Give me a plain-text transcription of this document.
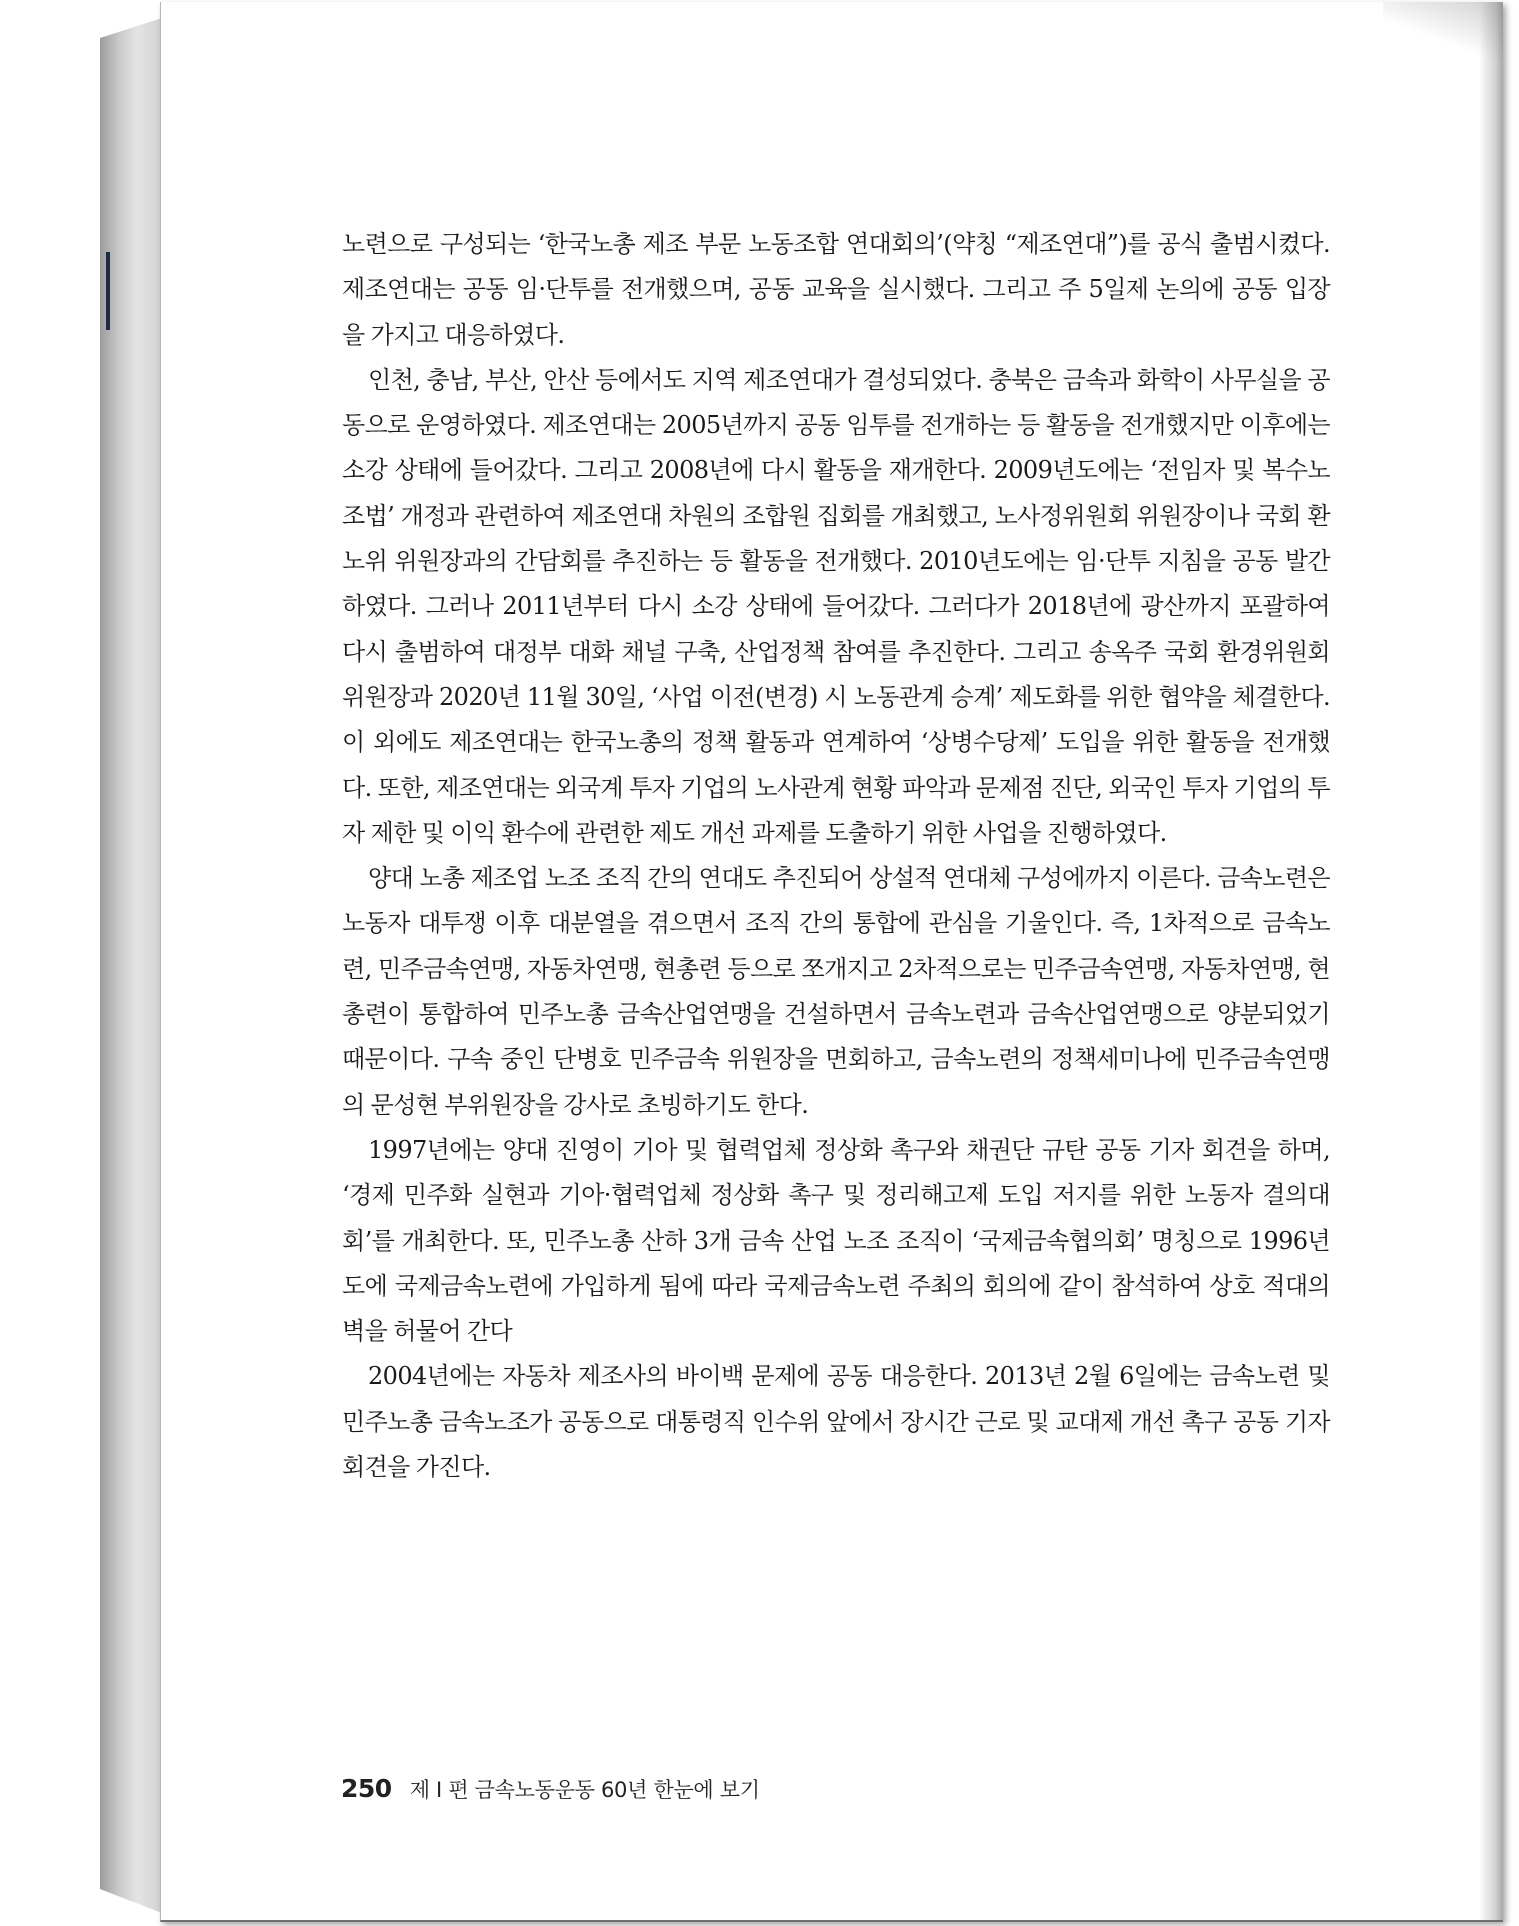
노련으로 구성되는 ‘한국노총 제조 부문 노동조합 연대회의’(약칭 “제조연대”)를 공식 출범시켰다. 제조연대는 공동 임·단투를 전개했으며, 공동 교육을 실시했다. 그리고 주 5일제 논의에 공동 입장을 가지고 대응하였다.

인천, 충남, 부산, 안산 등에서도 지역 제조연대가 결성되었다. 충북은 금속과 화학이 사무실을 공동으로 운영하였다. 제조연대는 2005년까지 공동 임투를 전개하는 등 활동을 전개했지만 이후에는 소강 상태에 들어갔다. 그리고 2008년에 다시 활동을 재개한다. 2009년도에는 ‘전임자 및 복수노조법’ 개정과 관련하여 제조연대 차원의 조합원 집회를 개최했고, 노사정위원회 위원장이나 국회 환노위 위원장과의 간담회를 추진하는 등 활동을 전개했다. 2010년도에는 임·단투 지침을 공동 발간하였다. 그러나 2011년부터 다시 소강 상태에 들어갔다. 그러다가 2018년에 광산까지 포괄하여 다시 출범하여 대정부 대화 채널 구축, 산업정책 참여를 추진한다. 그리고 송옥주 국회 환경위원회 위원장과 2020년 11월 30일, ‘사업 이전(변경) 시 노동관계 승계’ 제도화를 위한 협약을 체결한다. 이 외에도 제조연대는 한국노총의 정책 활동과 연계하여 ‘상병수당제’ 도입을 위한 활동을 전개했다. 또한, 제조연대는 외국계 투자 기업의 노사관계 현황 파악과 문제점 진단, 외국인 투자 기업의 투자 제한 및 이익 환수에 관련한 제도 개선 과제를 도출하기 위한 사업을 진행하였다.

양대 노총 제조업 노조 조직 간의 연대도 추진되어 상설적 연대체 구성에까지 이른다. 금속노련은 노동자 대투쟁 이후 대분열을 겪으면서 조직 간의 통합에 관심을 기울인다. 즉, 1차적으로 금속노련, 민주금속연맹, 자동차연맹, 현총련 등으로 쪼개지고 2차적으로는 민주금속연맹, 자동차연맹, 현총련이 통합하여 민주노총 금속산업연맹을 건설하면서 금속노련과 금속산업연맹으로 양분되었기 때문이다. 구속 중인 단병호 민주금속 위원장을 면회하고, 금속노련의 정책세미나에 민주금속연맹의 문성현 부위원장을 강사로 초빙하기도 한다.

1997년에는 양대 진영이 기아 및 협력업체 정상화 촉구와 채권단 규탄 공동 기자 회견을 하며, ‘경제 민주화 실현과 기아·협력업체 정상화 촉구 및 정리해고제 도입 저지를 위한 노동자 결의대회’를 개최한다. 또, 민주노총 산하 3개 금속 산업 노조 조직이 ‘국제금속협의회’ 명칭으로 1996년도에 국제금속노련에 가입하게 됨에 따라 국제금속노련 주최의 회의에 같이 참석하여 상호 적대의 벽을 허물어 간다

2004년에는 자동차 제조사의 바이백 문제에 공동 대응한다. 2013년 2월 6일에는 금속노련 및 민주노총 금속노조가 공동으로 대통령직 인수위 앞에서 장시간 근로 및 교대제 개선 촉구 공동 기자 회견을 가진다.

250 제 I 편 금속노동운동 60년 한눈에 보기
